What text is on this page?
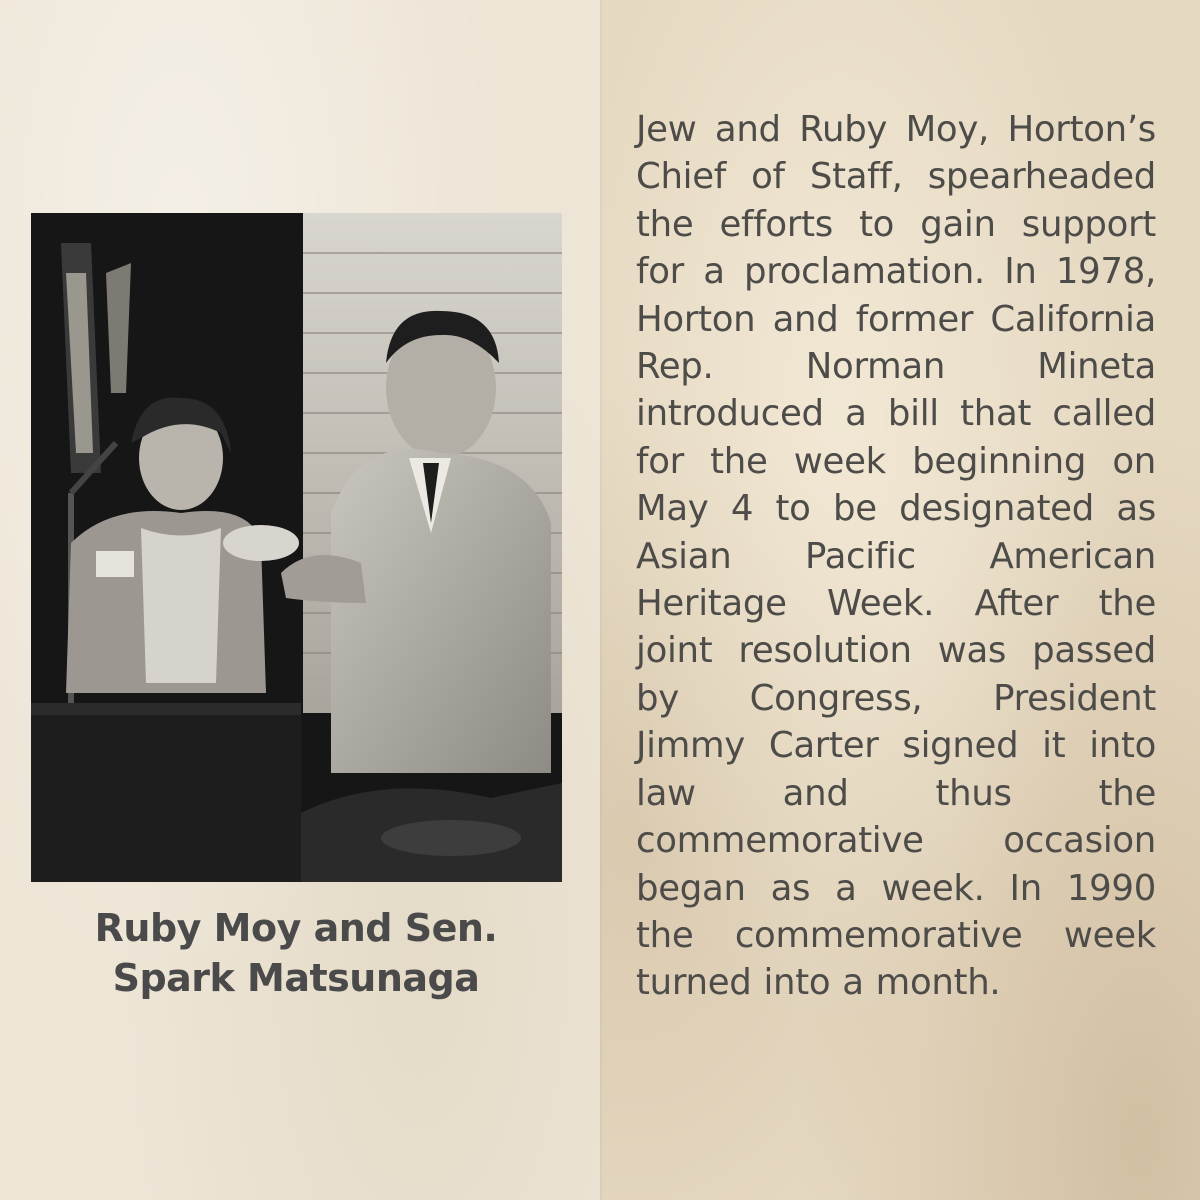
Ruby Moy and Sen.
Spark Matsunaga
Jew and Ruby Moy, Horton’s Chief of Staff, spearheaded the efforts to gain support for a proclamation. In 1978, Horton and former California Rep. Norman Mineta introduced a bill that called for the week beginning on May 4 to be designated as Asian Pacific American Heritage Week. After the joint resolution was passed by Congress, President Jimmy Carter signed it into law and thus the commemorative occasion began as a week. In 1990 the commemorative week turned into a month.
